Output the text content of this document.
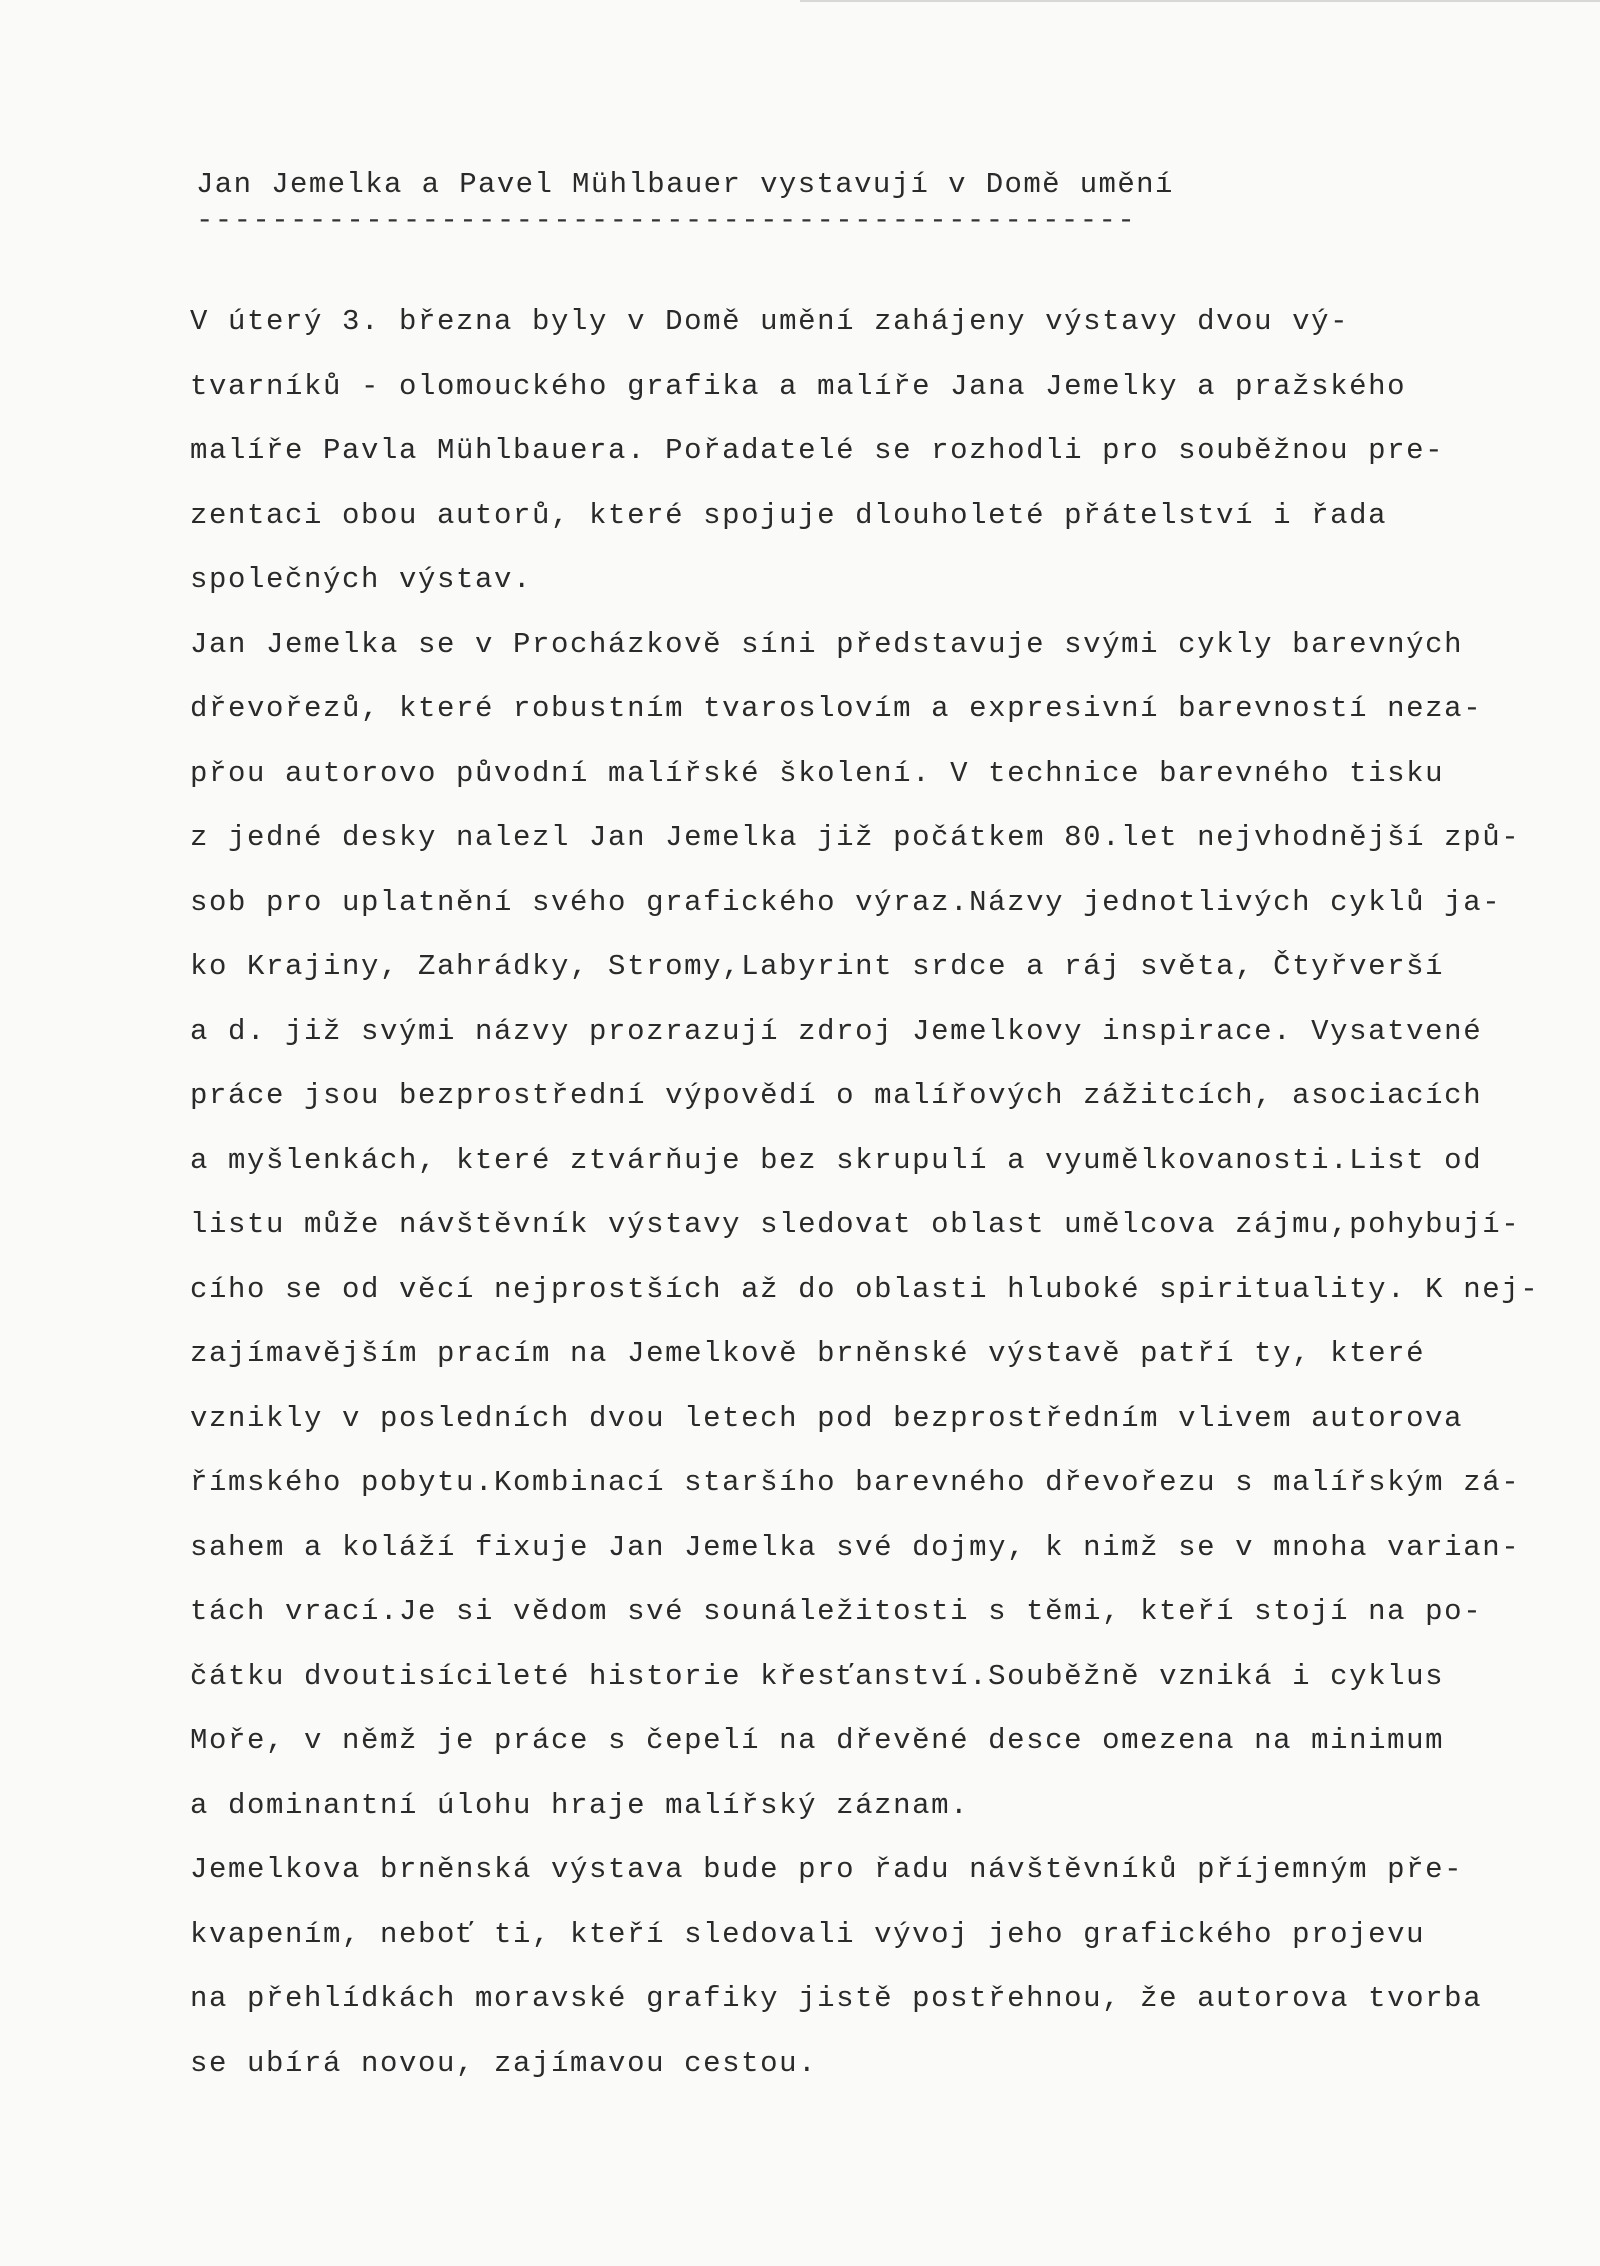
Jan Jemelka a Pavel Mühlbauer vystavují v Domě umění
--------------------------------------------------
V úterý 3. března byly v Domě umění zahájeny výstavy dvou vý-
tvarníků - olomouckého grafika a malíře Jana Jemelky a pražského
malíře Pavla Mühlbauera. Pořadatelé se rozhodli pro souběžnou pre-
zentaci obou autorů, které spojuje dlouholeté přátelství i řada
společných výstav.
Jan Jemelka se v Procházkově síni představuje svými cykly barevných
dřevořezů, které robustním tvaroslovím a expresivní barevností neza-
přou autorovo původní malířské školení. V technice barevného tisku
z jedné desky nalezl Jan Jemelka již počátkem 80.let nejvhodnější způ-
sob pro uplatnění svého grafického výraz.Názvy jednotlivých cyklů ja-
ko Krajiny, Zahrádky, Stromy,Labyrint srdce a ráj světa, Čtyřverší
a d. již svými názvy prozrazují zdroj Jemelkovy inspirace. Vysatvené
práce jsou bezprostřední výpovědí o malířových zážitcích, asociacích
a myšlenkách, které ztvárňuje bez skrupulí a vyumělkovanosti.List od
listu může návštěvník výstavy sledovat oblast umělcova zájmu,pohybují-
cího se od věcí nejprostších až do oblasti hluboké spirituality. K nej-
zajímavějším pracím na Jemelkově brněnské výstavě patří ty, které
vznikly v posledních dvou letech pod bezprostředním vlivem autorova
římského pobytu.Kombinací staršího barevného dřevořezu s malířským zá-
sahem a koláží fixuje Jan Jemelka své dojmy, k nimž se v mnoha varian-
tách vrací.Je si vědom své sounáležitosti s těmi, kteří stojí na po-
čátku dvoutisícileté historie křesťanství.Souběžně vzniká i cyklus
Moře, v němž je práce s čepelí na dřevěné desce omezena na minimum
a dominantní úlohu hraje malířský záznam.
Jemelkova brněnská výstava bude pro řadu návštěvníků příjemným pře-
kvapením, neboť ti, kteří sledovali vývoj jeho grafického projevu
na přehlídkách moravské grafiky jistě postřehnou, že autorova tvorba
se ubírá novou, zajímavou cestou.
